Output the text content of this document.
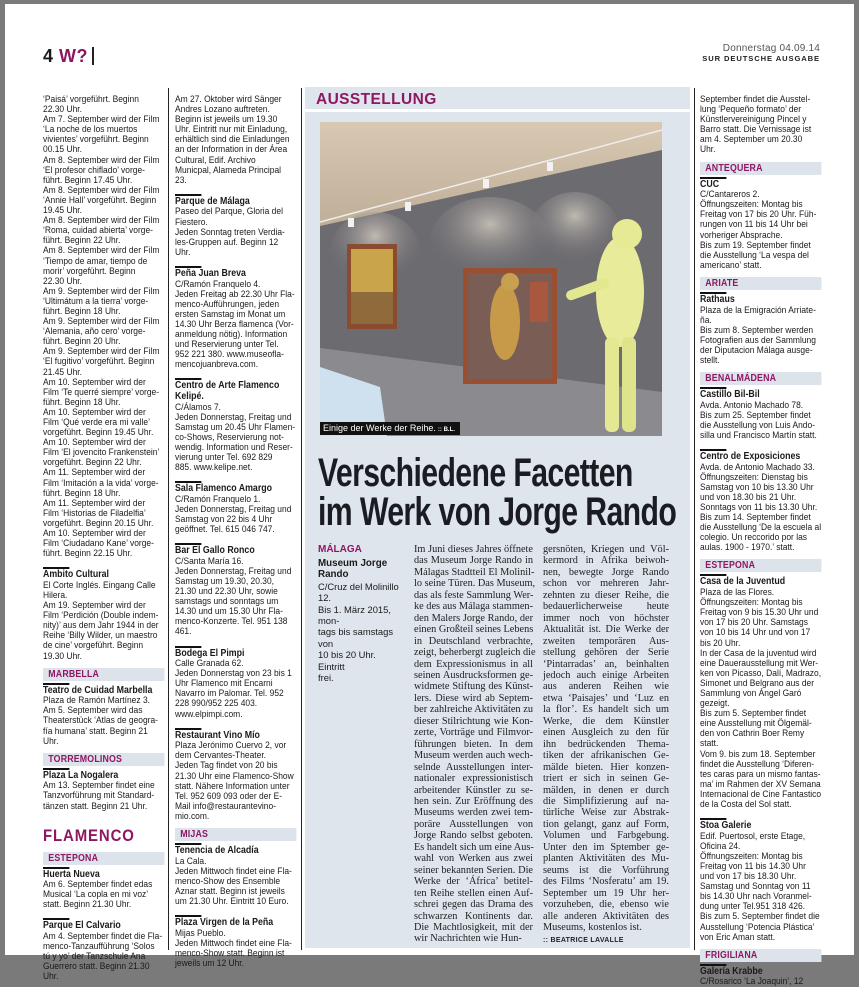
4 W?	Donnerstag 04.09.14
SUR DEUTSCHE AUSGABE
‘Paisá’ vorgeführt. Beginn
22.30 Uhr.
Am 7. September wird der Film
‘La noche de los muertos
vivientes’ vorgeführt. Beginn
00.15 Uhr.
Am 8. September wird der Film
‘El profesor chiflado’ vorge-
führt. Beginn 17.45 Uhr.
Am 8. September wird der Film
‘Annie Hall’ vorgeführt. Beginn
19.45 Uhr.
Am 8. September wird der Film
‘Roma, cuidad abierta’ vorge-
führt. Beginn 22 Uhr.
Am 8. September wird der Film
‘Tiempo de amar, tiempo de
morir’ vorgeführt. Beginn
22.30 Uhr.
Am 9. September wird der Film
‘Ultimátum a la tierra’ vorge-
führt. Beginn 18 Uhr.
Am 9. September wird der Film
‘Alemania, año cero’ vorge-
führt. Beginn 20 Uhr.
Am 9. September wird der Film
‘El fugitivo’ vorgeführt. Beginn
21.45 Uhr.
Am 10. September wird der
Film ‘Te querré siempre’ vorge-
führt. Beginn 18 Uhr.
Am 10. September wird der
Film ‘Qué verde era mi valle’
vorgeführt. Beginn 19.45 Uhr.
Am 10. September wird der
Film ‘El jovencito Frankenstein’
vorgeführt. Beginn 22 Uhr.
Am 11. September wird der
Film ‘Imitación a la vida’ vorge-
führt. Beginn 18 Uhr.
Am 11. September wird der
Film ‘Historias de Filadelfia’
vorgeführt. Beginn 20.15 Uhr.
Am 10. September wird der
Film ‘Ciudadano Kane’ vorge-
führt. Beginn 22.15 Uhr.
Ámbito Cultural
El Corte Inglés. Eingang Calle
Hilera.
Am 19. September wird der
Film ‘Perdición (Double indem-
nity)’ aus dem Jahr 1944 in der
Reihe ‘Billy Wilder, un maestro
de cine’ vorgeführt. Beginn
19.30 Uhr.
MARBELLA
Teatro de Cuidad Marbella
Plaza de Ramón Martínez 3.
Am 5. September wird das
Theaterstück ‘Atlas de geogra-
fía humana’ statt. Beginn 21
Uhr.
TORREMOLINOS
Plaza La Nogalera
Am 13. September findet eine
Tanzvorführung mit Standard-
tänzen statt. Beginn 21 Uhr.
FLAMENCO
ESTEPONA
Huerta Nueva
Am 6. September findet edas
Musical ‘La copla en mi voz’
statt. Beginn 21.30 Uhr.
Parque El Calvario
Am 4. September findet die Fla-
menco-Tanzaufführung ‘Solos
tú y yo’ der Tanzschule Ana
Guerrero statt. Beginn 21.30
Uhr.
Am 27. Oktober wird Sänger
Andres Lozano auftreten.
Beginn ist jeweils um 19.30
Uhr. Eintritt nur mit Einladung,
erhältlich sind die Einladungen
an der Information in der Área
Cultural, Edif. Archivo
Municpal, Alameda Principal
23.
Parque de Málaga
Paseo del Parque, Gloria del
Fiestero.
Jeden Sonntag treten Verdia-
les-Gruppen auf. Beginn 12
Uhr.
Peña Juan Breva
C/Ramón Franquelo 4.
Jeden Freitag ab 22.30 Uhr Fla-
menco-Aufführungen, jeden
ersten Samstag im Monat um
14.30 Uhr Berza flamenca (Vor-
anmeldung nötig). Information
und Reservierung unter Tel.
952 221 380. www.museofla-
mencojuanbreva.com.
Centro de Arte Flamenco
Kelipé.
C/Álamos 7.
Jeden Donnerstag, Freitag und
Samstag um 20.45 Uhr Flamen-
co-Shows, Reservierung not-
wendig. Information und Reser-
vierung unter Tel. 692 829
885. www.kelipe.net.
Sala Flamenco Amargo
C/Ramón Franquelo 1.
Jeden Donnerstag, Freitag und
Samstag von 22 bis 4 Uhr
geöffnet. Tel. 615 046 747.
Bar El Gallo Ronco
C/Santa María 16.
Jeden Donnerstag, Freitag und
Samstag um 19.30, 20.30,
21.30 und 22.30 Uhr, sowie
samstags und sonntags um
14.30 und um 15.30 Uhr Fla-
menco-Konzerte. Tel. 951 138
461.
Bodega El Pimpi
Calle Granada 62.
Jeden Donnerstag von 23 bis 1
Uhr Flamenco mit Encarni
Navarro im Palomar. Tel. 952
228 990/952 225 403.
www.elpimpi.com.
Restaurant Vino Mío
Plaza Jerónimo Cuervo 2, vor
dem Cervantes-Theater.
Jeden Tag findet von 20 bis
21.30 Uhr eine Flamenco-Show
statt. Nähere Information unter
Tel. 952 609 093 oder der E-
Mail info@restaurantevino-
mio.com.
MIJAS
Tenencia de Alcadía
La Cala.
Jeden Mittwoch findet eine Fla-
menco-Show des Ensemble
Aznar statt. Beginn ist jeweils
um 21.30 Uhr. Eintritt 10 Euro.
Plaza Virgen de la Peña
Mijas Pueblo.
Jeden Mittwoch findet eine Fla-
menco-Show statt. Beginn ist
jeweils um 12 Uhr.
September findet die Ausstel-
lung ‘Pequeño formato’ der
Künstlervereinigung Pincel y
Barro statt. Die Vernissage ist
am 4. September um 20.30
Uhr.
ANTEQUERA
CUC
C/Cantareros 2.
Öffnungszeiten: Montag bis
Freitag von 17 bis 20 Uhr. Füh-
rungen von 11 bis 14 Uhr bei
vorheriger Absprache.
Bis zum 19. September findet
die Ausstellung ‘La vespa del
americano’ statt.
ARIATE
Rathaus
Plaza de la Emigración Arriate-
ña.
Bis zum 8. September werden
Fotografien aus der Sammlung
der Diputacion Málaga ausge-
stellt.
BENALMÁDENA
Castillo Bil-Bil
Avda. Antonio Machado 78.
Bis zum 25. September findet
die Ausstellung von Luis Ando-
silla und Francisco Martín statt.
Centro de Exposiciones
Avda. de Antonio Machado 33.
Öffnungszeiten: Dienstag bis
Samstag von 10 bis 13.30 Uhr
und von 18.30 bis 21 Uhr.
Sonntags von 11 bis 13.30 Uhr.
Bis zum 14. September findet
die Ausstellung ‘De la escuela al
colegio. Un reccorido por las
aulas. 1900 - 1970.’ statt.
ESTEPONA
Casa de la Juventud
Plaza de las Flores.
Öffnungszeiten: Montag bis
Freitag von 9 bis 15.30 Uhr und
von 17 bis 20 Uhr. Samstags
von 10 bis 14 Uhr und von 17
bis 20 Uhr.
In der Casa de la juventud wird
eine Dauerausstellung mit Wer-
ken von Picasso, Dalí, Madrazo,
Simonet und Belgrano aus der
Sammlung von Ángel Garó
gezeigt.
Bis zum 5. September findet
eine Ausstellung mit Ölgemäl-
den von Cathrin Boer Remy
statt.
Vom 9. bis zum 18. September
findet die Ausstellung ‘Diferen-
tes caras para un mismo fantas-
ma’ im Rahmen der XV Semana
Internacional de Cine Fantastico
de la Costa del Sol statt.
Stoa Galerie
Edif. Puertosol, erste Etage,
Oficina 24.
Öffnungszeiten: Montag bis
Freitag von 11 bis 14.30 Uhr
und von 17 bis 18.30 Uhr.
Samstag und Sonntag von 11
bis 14.30 Uhr nach Voranmel-
dung unter Tel.951 318 426.
Bis zum 5. September findet die
Ausstellung ‘Potencia Plástica’
von Eric Aman statt.
FRIGILIANA
Galería Krabbe
C/Rosarico ‘La Joaquin’, 12
AUSSTELLUNG
Einige der Werke der Reihe. :: B.L.
Verschiedene Facetten
im Werk von Jorge Rando
MÁLAGA
Museum Jorge Rando
C/Cruz del Molinillo 12.
Bis 1. März 2015, mon-
tags bis samstags von
10 bis 20 Uhr. Eintritt
frei.
Im Juni dieses Jahres öffnete
das Museum Jorge Rando in
Málagas Stadtteil El Molinil-
lo seine Türen. Das Museum,
das als feste Sammlung Wer-
ke des aus Málaga stammen-
den Malers Jorge Rando, der
einen Großteil seines Lebens
in Deutschland verbrachte,
zeigt, beherbergt zugleich die
dem Expressionismus in all
seinen Ausdrucksformen ge-
widmete Stiftung des Künst-
lers. Diese wird ab Septem-
ber zahlreiche Aktivitäten zu
dieser Stilrichtung wie Kon-
zerte, Vorträge und Filmvor-
führungen bieten. In dem
Museum werden auch wech-
selnde Ausstellungen inter-
nationaler expressionistisch
arbeitender Künstler zu se-
hen sein. Zur Eröffnung des
Museums werden zwei tem-
poräre Ausstellungen von
Jorge Rando selbst geboten.
Es handelt sich um eine Aus-
wahl von Werken aus zwei
seiner bekannten Serien. Die
Werke der ‘África’ betitel-
ten Reihe stellen einen Auf-
schrei gegen das Drama des
schwarzen Kontinents dar.
Die Machtlosigkeit, mit der
wir Nachrichten wie Hun-
gersnöten, Kriegen und Völ-
kermord in Afrika beiwoh-
nen, bewegte Jorge Rando
schon vor mehreren Jahr-
zehnten zu dieser Reihe, die
bedauerlicherweise heute
immer noch von höchster
Aktualität ist. Die Werke der
zweiten temporären Aus-
stellung gehören der Serie
‘Pintarradas’ an, beinhalten
jedoch auch einige Arbeiten
aus anderen Reihen wie
etwa ‘Paisajes’ und ‘Luz en
la flor’. Es handelt sich um
Werke, die dem Künstler
einen Ausgleich zu den für
ihn bedrückenden Thema-
tiken der afrikanischen Ge-
mälde bieten. Hier konzen-
triert er sich in seinen Ge-
mälden, in denen er durch
die Simplifizierung auf na-
türliche Weise zur Abstrak-
tion gelangt, ganz auf Form,
Volumen und Farbgebung.
Unter den im Sptember ge-
planten Aktivitäten des Mu-
seums ist die Vorführung
des Films ‘Nosferatu’ am 19.
September um 19 Uhr her-
vorzuheben, die, ebenso wie
alle anderen Aktivitäten des
Museums, kostenlos ist.
:: BEATRICE LAVALLE
